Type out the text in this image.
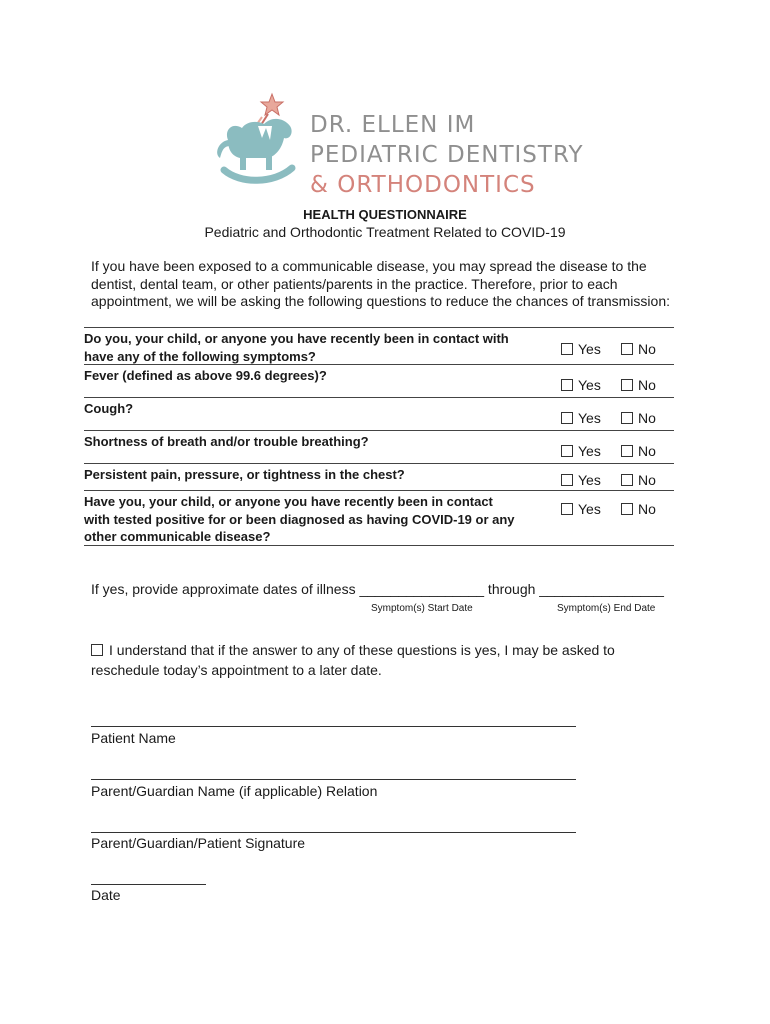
DR. ELLEN IM
PEDIATRIC DENTISTRY
& ORTHODONTICS
HEALTH QUESTIONNAIRE
Pediatric and Orthodontic Treatment Related to COVID-19
If you have been exposed to a communicable disease, you may spread the disease to the
dentist, dental team, or other patients/parents in the practice. Therefore, prior to each
appointment, we will be asking the following questions to reduce the chances of transmission:
Do you, your child, or anyone you have recently been in contact with
have any of the following symptoms?	Yes	No
Fever (defined as above 99.6 degrees)?
Yes	No
Cough?
Yes	No
Shortness of breath and/or trouble breathing?
Yes	No
Persistent pain, pressure, or tightness in the chest?	Yes	No
Have you, your child, or anyone you have recently been in contact
with tested positive for or been diagnosed as having COVID-19 or any
other communicable disease?
Yes	No
If yes, provide approximate dates of illness ________________ through ________________
Symptom(s) Start Date	Symptom(s) End Date
I understand that if the answer to any of these questions is yes, I may be asked to
reschedule today’s appointment to a later date.
Patient Name
Parent/Guardian Name (if applicable) Relation
Parent/Guardian/Patient Signature
Date
